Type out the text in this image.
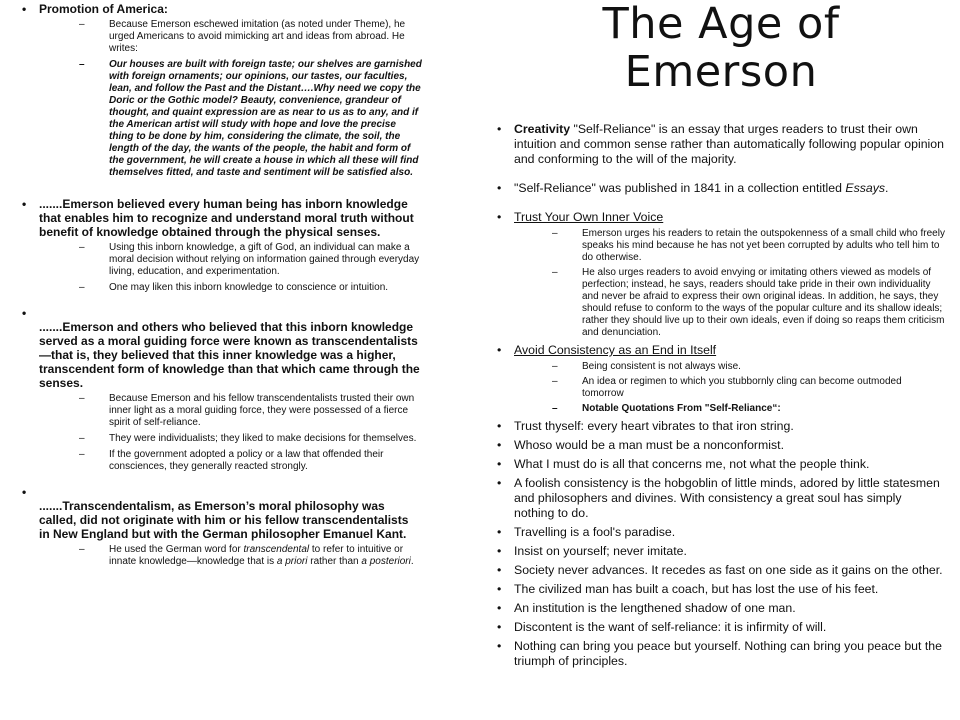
• Promotion of America:
– Because Emerson eschewed imitation (as noted under Theme), he urged Americans to avoid mimicking art and ideas from abroad. He writes:
– Our houses are built with foreign taste; our shelves are garnished with foreign ornaments; our opinions, our tastes, our faculties, lean, and follow the Past and the Distant….Why need we copy the Doric or the Gothic model? Beauty, convenience, grandeur of thought, and quaint expression are as near to us as to any, and if the American artist will study with hope and love the precise thing to be done by him, considering the climate, the soil, the length of the day, the wants of the people, the habit and form of the government, he will create a house in which all these will find themselves fitted, and taste and sentiment will be satisfied also.
• .......Emerson believed every human being has inborn knowledge that enables him to recognize and understand moral truth without benefit of knowledge obtained through the physical senses.
– Using this inborn knowledge, a gift of God, an individual can make a moral decision without relying on information gained through everyday living, education, and experimentation.
– One may liken this inborn knowledge to conscience or intuition.
• .......Emerson and others who believed that this inborn knowledge served as a moral guiding force were known as transcendentalists—that is, they believed that this inner knowledge was a higher, transcendent form of knowledge than that which came through the senses.
– Because Emerson and his fellow transcendentalists trusted their own inner light as a moral guiding force, they were possessed of a fierce spirit of self-reliance.
– They were individualists; they liked to make decisions for themselves.
– If the government adopted a policy or a law that offended their consciences, they generally reacted strongly.
• .......Transcendentalism, as Emerson’s moral philosophy was called, did not originate with him or his fellow transcendentalists in New England but with the German philosopher Emanuel Kant.
– He used the German word for transcendental to refer to intuitive or innate knowledge—knowledge that is a priori rather than a posteriori.
The Age of
Emerson
• Creativity "Self-Reliance" is an essay that urges readers to trust their own intuition and common sense rather than automatically following popular opinion and conforming to the will of the majority.
• "Self-Reliance" was published in 1841 in a collection entitled Essays.
• Trust Your Own Inner Voice
– Emerson urges his readers to retain the outspokenness of a small child who freely speaks his mind because he has not yet been corrupted by adults who tell him to do otherwise.
– He also urges readers to avoid envying or imitating others viewed as models of perfection; instead, he says, readers should take pride in their own individuality and never be afraid to express their own original ideas. In addition, he says, they should refuse to conform to the ways of the popular culture and its shallow ideals; rather they should live up to their own ideals, even if doing so reaps them criticism and denunciation.
• Avoid Consistency as an End in Itself
– Being consistent is not always wise.
– An idea or regimen to which you stubbornly cling can become outmoded tomorrow
– Notable Quotations From "Self-Reliance“:
• Trust thyself: every heart vibrates to that iron string.
• Whoso would be a man must be a nonconformist.
• What I must do is all that concerns me, not what the people think.
• A foolish consistency is the hobgoblin of little minds, adored by little statesmen and philosophers and divines. With consistency a great soul has simply nothing to do.
• Travelling is a fool's paradise.
• Insist on yourself; never imitate.
• Society never advances. It recedes as fast on one side as it gains on the other.
• The civilized man has built a coach, but has lost the use of his feet.
• An institution is the lengthened shadow of one man.
• Discontent is the want of self-reliance: it is infirmity of will.
• Nothing can bring you peace but yourself. Nothing can bring you peace but the triumph of principles.
